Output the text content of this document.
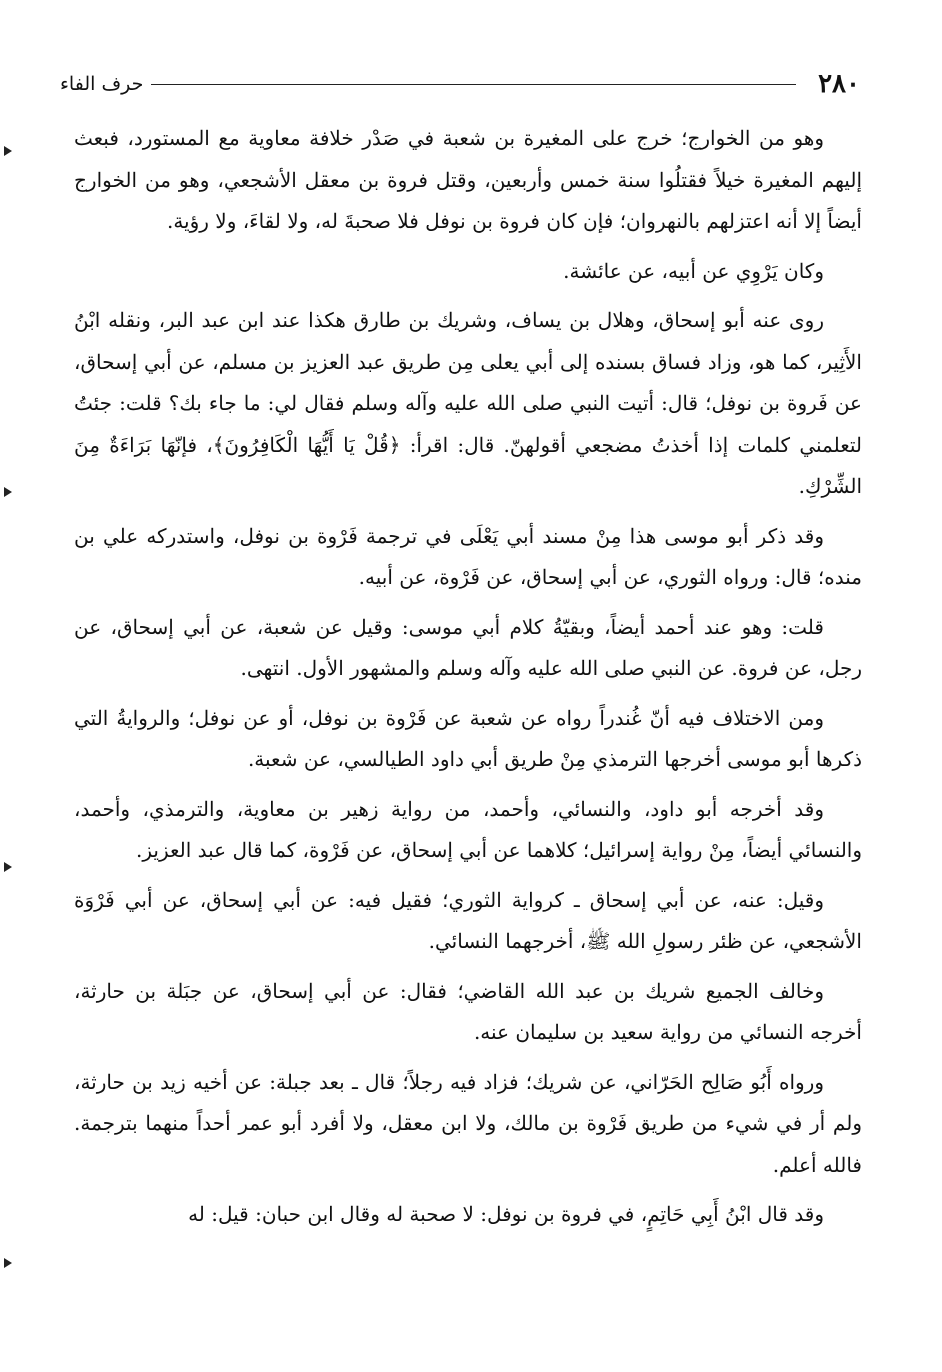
٢٨٠
حرف الفاء

وهو من الخوارج؛ خرج على المغيرة بن شعبة في صَدْر خلافة معاوية مع المستورد، فبعث إليهم المغيرة خيلاً فقتلُوا سنة خمس وأربعين، وقتل فروة بن معقل الأشجعي، وهو من الخوارج أيضاً إلا أنه اعتزلهم بالنهروان؛ فإن كان فروة بن نوفل فلا صحبةَ له، ولا لقاءَ، ولا رؤية.

وكان يَرْوِي عن أبيه، عن عائشة.

روى عنه أبو إسحاق، وهلال بن يساف، وشريك بن طارق هكذا عند ابن عبد البر، ونقله ابْنُ الأَثِير، كما هو، وزاد فساق بسنده إلى أبي يعلى مِن طريق عبد العزيز بن مسلم، عن أبي إسحاق، عن فَروة بن نوفل؛ قال: أتيت النبي صلى الله عليه وآله وسلم فقال لي: ما جاء بك؟ قلت: جئتُ لتعلمني كلمات إذا أخذتُ مضجعي أقولهنّ. قال: اقرأ: ﴿قُلْ يَا أَيُّهَا الْكَافِرُونَ﴾، فإنّهَا بَرَاءَةٌ مِنَ الشِّرْكِ.

وقد ذكر أبو موسى هذا مِنْ مسند أبي يَعْلَى في ترجمة فَرْوة بن نوفل، واستدركه علي بن منده؛ قال: ورواه الثوري، عن أبي إسحاق، عن فَرْوة، عن أبيه.

قلت: وهو عند أحمد أيضاً، وبقيّةُ كلام أبي موسى: وقيل عن شعبة، عن أبي إسحاق، عن رجل، عن فروة. عن النبي صلى الله عليه وآله وسلم والمشهور الأول. انتهى.

ومن الاختلاف فيه أنّ غُندراً رواه عن شعبة عن فَرْوة بن نوفل، أو عن نوفل؛ والروايةُ التي ذكرها أبو موسى أخرجها الترمذي مِنْ طريق أبي داود الطيالسي، عن شعبة.

وقد أخرجه أبو داود، والنسائي، وأحمد، من رواية زهير بن معاوية، والترمذي، وأحمد، والنسائي أيضاً، مِنْ رواية إسرائيل؛ كلاهما عن أبي إسحاق، عن فَرْوة، كما قال عبد العزيز.

وقيل: عنه، عن أبي إسحاق ـ كرواية الثوري؛ فقيل فيه: عن أبي إسحاق، عن أبي فَرْوَة الأشجعي، عن ظئر رسولِ الله ﷺ، أخرجهما النسائي.

وخالف الجميع شريك بن عبد الله القاضي؛ فقال: عن أبي إسحاق، عن جبَلة بن حارثة، أخرجه النسائي من رواية سعيد بن سليمان عنه.

ورواه أَبُو صَالِح الحَرّاني، عن شريك؛ فزاد فيه رجلاً؛ قال ـ بعد جبلة: عن أخيه زيد بن حارثة، ولم أر في شيء من طريق فَرْوة بن مالك، ولا ابن معقل، ولا أفرد أبو عمر أحداً منهما بترجمة. فالله أعلم.

وقد قال ابْنُ أَبِي حَاتِمٍ، في فروة بن نوفل: لا صحبة له وقال ابن حبان: قيل: له
